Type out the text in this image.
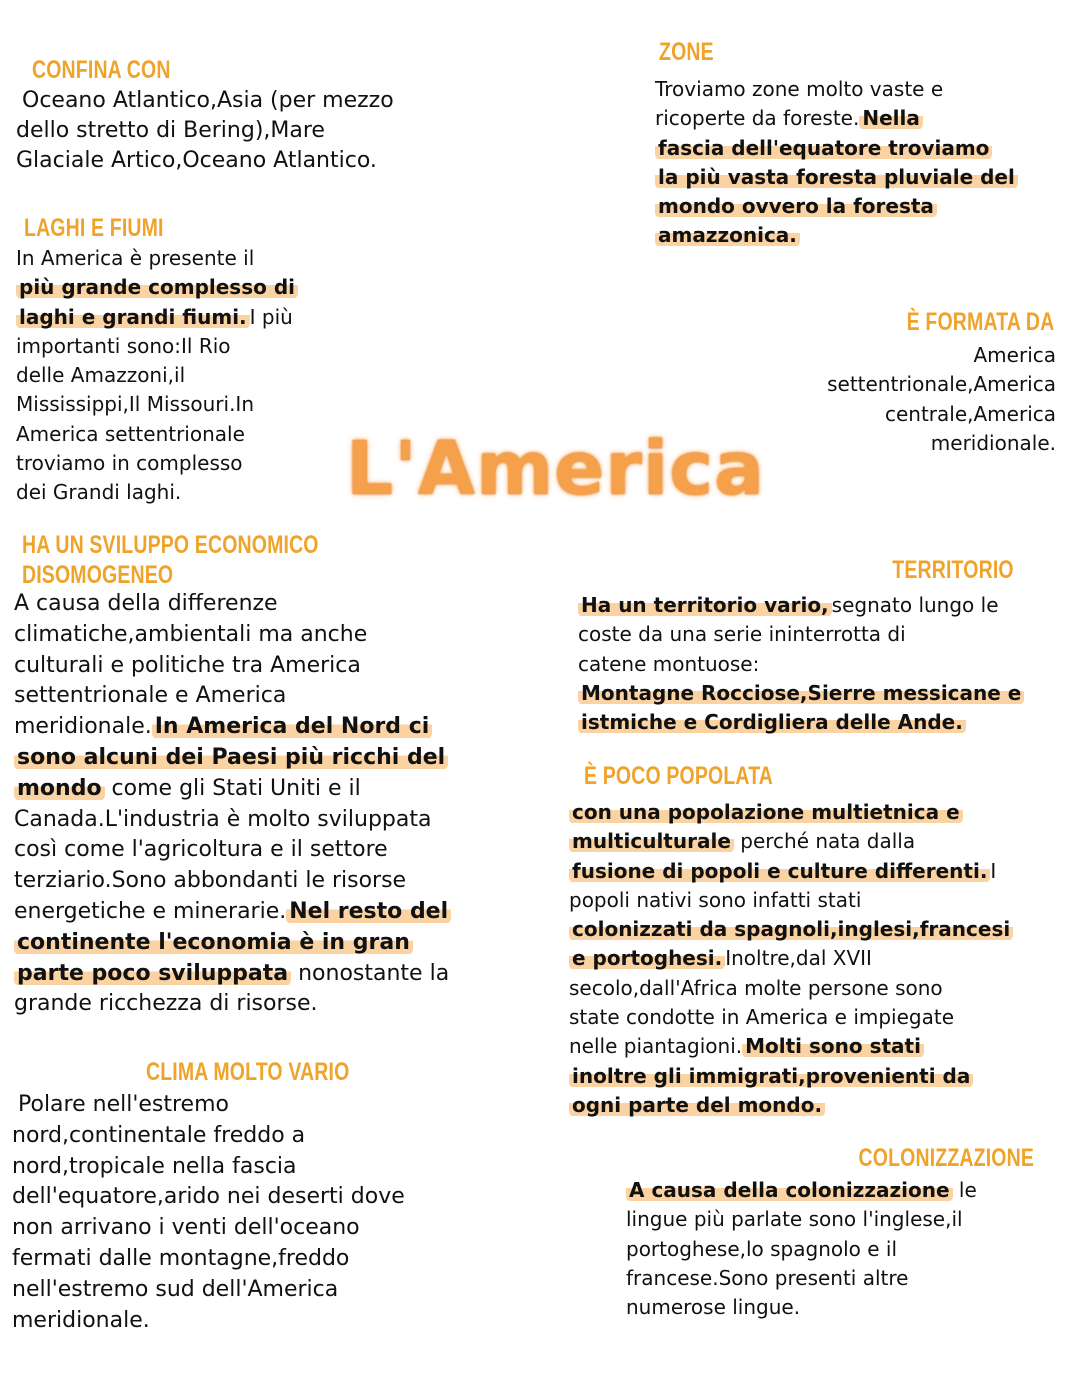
CONFINA CON
Oceano Atlantico,Asia (per mezzo
dello stretto di Bering),Mare
Glaciale Artico,Oceano Atlantico.
ZONE
Troviamo zone molto vaste e
ricoperte da foreste. Nella
fascia dell'equatore troviamo
la più vasta foresta pluviale del
mondo ovvero la foresta
amazzonica.
LAGHI E FIUMI
In America è presente il
più grande complesso di
laghi e grandi fiumi. I più
importanti sono:Il Rio
delle Amazzoni,il
Mississippi,Il Missouri.In
America settentrionale
troviamo in complesso
dei Grandi laghi.	L'America
È FORMATA DA
America
settentrionale,America
centrale,America
meridionale.
HA UN SVILUPPO ECONOMICO
DISOMOGENEO
A causa della differenze
climatiche,ambientali ma anche
culturali e politiche tra America
settentrionale e America
meridionale. In America del Nord ci
sono alcuni dei Paesi più ricchi del
mondo come gli Stati Uniti e il
Canada.L'industria è molto sviluppata
così come l'agricoltura e il settore
terziario.Sono abbondanti le risorse
energetiche e minerarie. Nel resto del
continente l'economia è in gran
parte poco sviluppata nonostante la
grande ricchezza di risorse.
TERRITORIO
Ha un territorio vario, segnato lungo le
coste da una serie ininterrotta di
catene montuose:
Montagne Rocciose,Sierre messicane e
istmiche e Cordigliera delle Ande.
È POCO POPOLATA
con una popolazione multietnica e
multiculturale perché nata dalla
fusione di popoli e culture differenti. I
popoli nativi sono infatti stati
colonizzati da spagnoli,inglesi,francesi
e portoghesi. Inoltre,dal XVII
secolo,dall'Africa molte persone sono
state condotte in America e impiegate
nelle piantagioni. Molti sono stati
inoltre gli immigrati,provenienti da
ogni parte del mondo.
CLIMA MOLTO VARIO
Polare nell'estremo
nord,continentale freddo a
nord,tropicale nella fascia
dell'equatore,arido nei deserti dove
non arrivano i venti dell'oceano
fermati dalle montagne,freddo
nell'estremo sud dell'America
meridionale.
COLONIZZAZIONE
A causa della colonizzazione le
lingue più parlate sono l'inglese,il
portoghese,lo spagnolo e il
francese.Sono presenti altre
numerose lingue.
